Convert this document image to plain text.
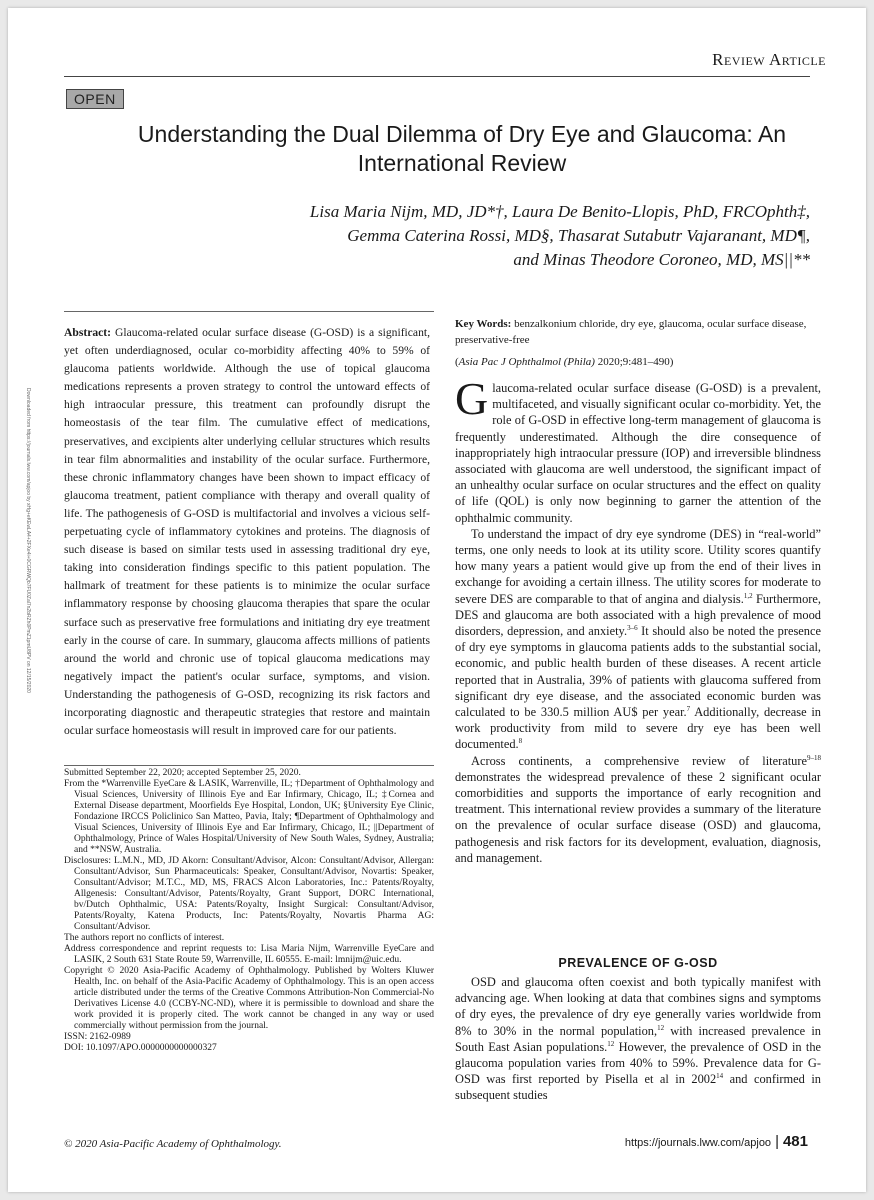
Review Article
OPEN
Understanding the Dual Dilemma of Dry Eye and Glaucoma: An International Review

Lisa Maria Nijm, MD, JD*†, Laura De Benito-Llopis, PhD, FRCOphth‡,

Gemma Caterina Rossi, MD§, Thasarat Sutabutr Vajaranant, MD¶,

and Minas Theodore Coroneo, MD, MS||**

Downloaded from https://journals.lww.com/apjoo by xHg+eKEwLA4+2FXe4i+0CGRWQb7FU0Zal7n2bRZh0PmZ1pmU8PV on 12/15/2020

Abstract: Glaucoma-related ocular surface disease (G-OSD) is a significant, yet often underdiagnosed, ocular co-morbidity affecting 40% to 59% of glaucoma patients worldwide. Although the use of topical glaucoma medications represents a proven strategy to control the untoward effects of high intraocular pressure, this treatment can profoundly disrupt the homeostasis of the tear film. The cumulative effect of medications, preservatives, and excipients alter underlying cellular structures which results in tear film abnormalities and instability of the ocular surface. Furthermore, these chronic inflammatory changes have been shown to impact efficacy of glaucoma treatment, patient compliance with therapy and overall quality of life. The pathogenesis of G-OSD is multifactorial and involves a vicious self-perpetuating cycle of inflammatory cytokines and proteins. The diagnosis of such disease is based on similar tests used in assessing traditional dry eye, taking into consideration findings specific to this patient population. The hallmark of treatment for these patients is to minimize the ocular surface inflammatory response by choosing glaucoma therapies that spare the ocular surface such as preservative free formulations and initiating dry eye treatment early in the course of care. In summary, glaucoma affects millions of patients around the world and chronic use of topical glaucoma medications may negatively impact the patient's ocular surface, symptoms, and vision. Understanding the pathogenesis of G-OSD, recognizing its risk factors and incorporating diagnostic and therapeutic strategies that restore and maintain ocular surface homeostasis will result in improved care for our patients.

Submitted September 22, 2020; accepted September 25, 2020.

From the *Warrenville EyeCare & LASIK, Warrenville, IL; †Department of Ophthalmology and Visual Sciences, University of Illinois Eye and Ear Infirmary, Chicago, IL; ‡Cornea and External Disease department, Moorfields Eye Hospital, London, UK; §University Eye Clinic, Fondazione IRCCS Policlinico San Matteo, Pavia, Italy; ¶Department of Ophthalmology and Visual Sciences, University of Illinois Eye and Ear Infirmary, Chicago, IL; ||Department of Ophthalmology, Prince of Wales Hospital/University of New South Wales, Sydney, Australia; and **NSW, Australia.

Disclosures: L.M.N., MD, JD Akorn: Consultant/Advisor, Alcon: Consultant/Advisor, Allergan: Consultant/Advisor, Sun Pharmaceuticals: Speaker, Consultant/Advisor, Novartis: Speaker, Consultant/Advisor; M.T.C., MD, MS, FRACS Alcon Laboratories, Inc.: Patents/Royalty, Allgenesis: Consultant/Advisor, Patents/Royalty, Grant Support, DORC International, bv/Dutch Ophthalmic, USA: Patents/Royalty, Insight Surgical: Consultant/Advisor, Patents/Royalty, Katena Products, Inc: Patents/Royalty, Novartis Pharma AG: Consultant/Advisor.

The authors report no conflicts of interest.

Address correspondence and reprint requests to: Lisa Maria Nijm, Warrenville EyeCare and LASIK, 2 South 631 State Route 59, Warrenville, IL 60555. E-mail: lmnijm@uic.edu.

Copyright © 2020 Asia-Pacific Academy of Ophthalmology. Published by Wolters Kluwer Health, Inc. on behalf of the Asia-Pacific Academy of Ophthalmology. This is an open access article distributed under the terms of the Creative Commons Attribution-Non Commercial-No Derivatives License 4.0 (CCBY-NC-ND), where it is permissible to download and share the work provided it is properly cited. The work cannot be changed in any way or used commercially without permission from the journal.

ISSN: 2162-0989

DOI: 10.1097/APO.0000000000000327

Key Words: benzalkonium chloride, dry eye, glaucoma, ocular surface disease, preservative-free

(Asia Pac J Ophthalmol (Phila) 2020;9:481–490)

Glaucoma-related ocular surface disease (G-OSD) is a prevalent, multifaceted, and visually significant ocular co-morbidity. Yet, the role of G-OSD in effective long-term management of glaucoma is frequently underestimated. Although the dire consequence of inappropriately high intraocular pressure (IOP) and irreversible blindness associated with glaucoma are well understood, the significant impact of an unhealthy ocular surface on ocular structures and the effect on quality of life (QOL) is only now beginning to garner the attention of the ophthalmic community.

To understand the impact of dry eye syndrome (DES) in “real-world” terms, one only needs to look at its utility score. Utility scores quantify how many years a patient would give up from the end of their lives in exchange for avoiding a certain illness. The utility scores for moderate to severe DES are comparable to that of angina and dialysis.$^{1,2}$ Furthermore, DES and glaucoma are both associated with a high prevalence of mood disorders, depression, and anxiety.$^{3-6}$ It should also be noted the presence of dry eye symptoms in glaucoma patients adds to the substantial social, economic, and public health burden of these diseases. A recent article reported that in Australia, 39% of patients with glaucoma suffered from significant dry eye disease, and the associated economic burden was calculated to be 330.5 million AU$ per year.$^7$ Additionally, decrease in work productivity from mild to severe dry eye has been well documented.$^8$

Across continents, a comprehensive review of literature$^{9-18}$ demonstrates the widespread prevalence of these 2 significant ocular comorbidities and supports the importance of early recognition and treatment. This international review provides a summary of the literature on the prevalence of ocular surface disease (OSD) and glaucoma, pathogenesis and risk factors for its development, evaluation, diagnosis, and management.

PREVALENCE OF G-OSD

OSD and glaucoma often coexist and both typically manifest with advancing age. When looking at data that combines signs and symptoms of dry eyes, the prevalence of dry eye generally varies worldwide from 8% to 30% in the normal population,$^{12}$ with increased prevalence in South East Asian populations.$^{12}$ However, the prevalence of OSD in the glaucoma population varies from 40% to 59%. Prevalence data for G-OSD was first reported by Pisella et al in 2002$^{14}$ and confirmed in subsequent studies

© 2020 Asia-Pacific Academy of Ophthalmology.	https://journals.lww.com/apjoo | 481
